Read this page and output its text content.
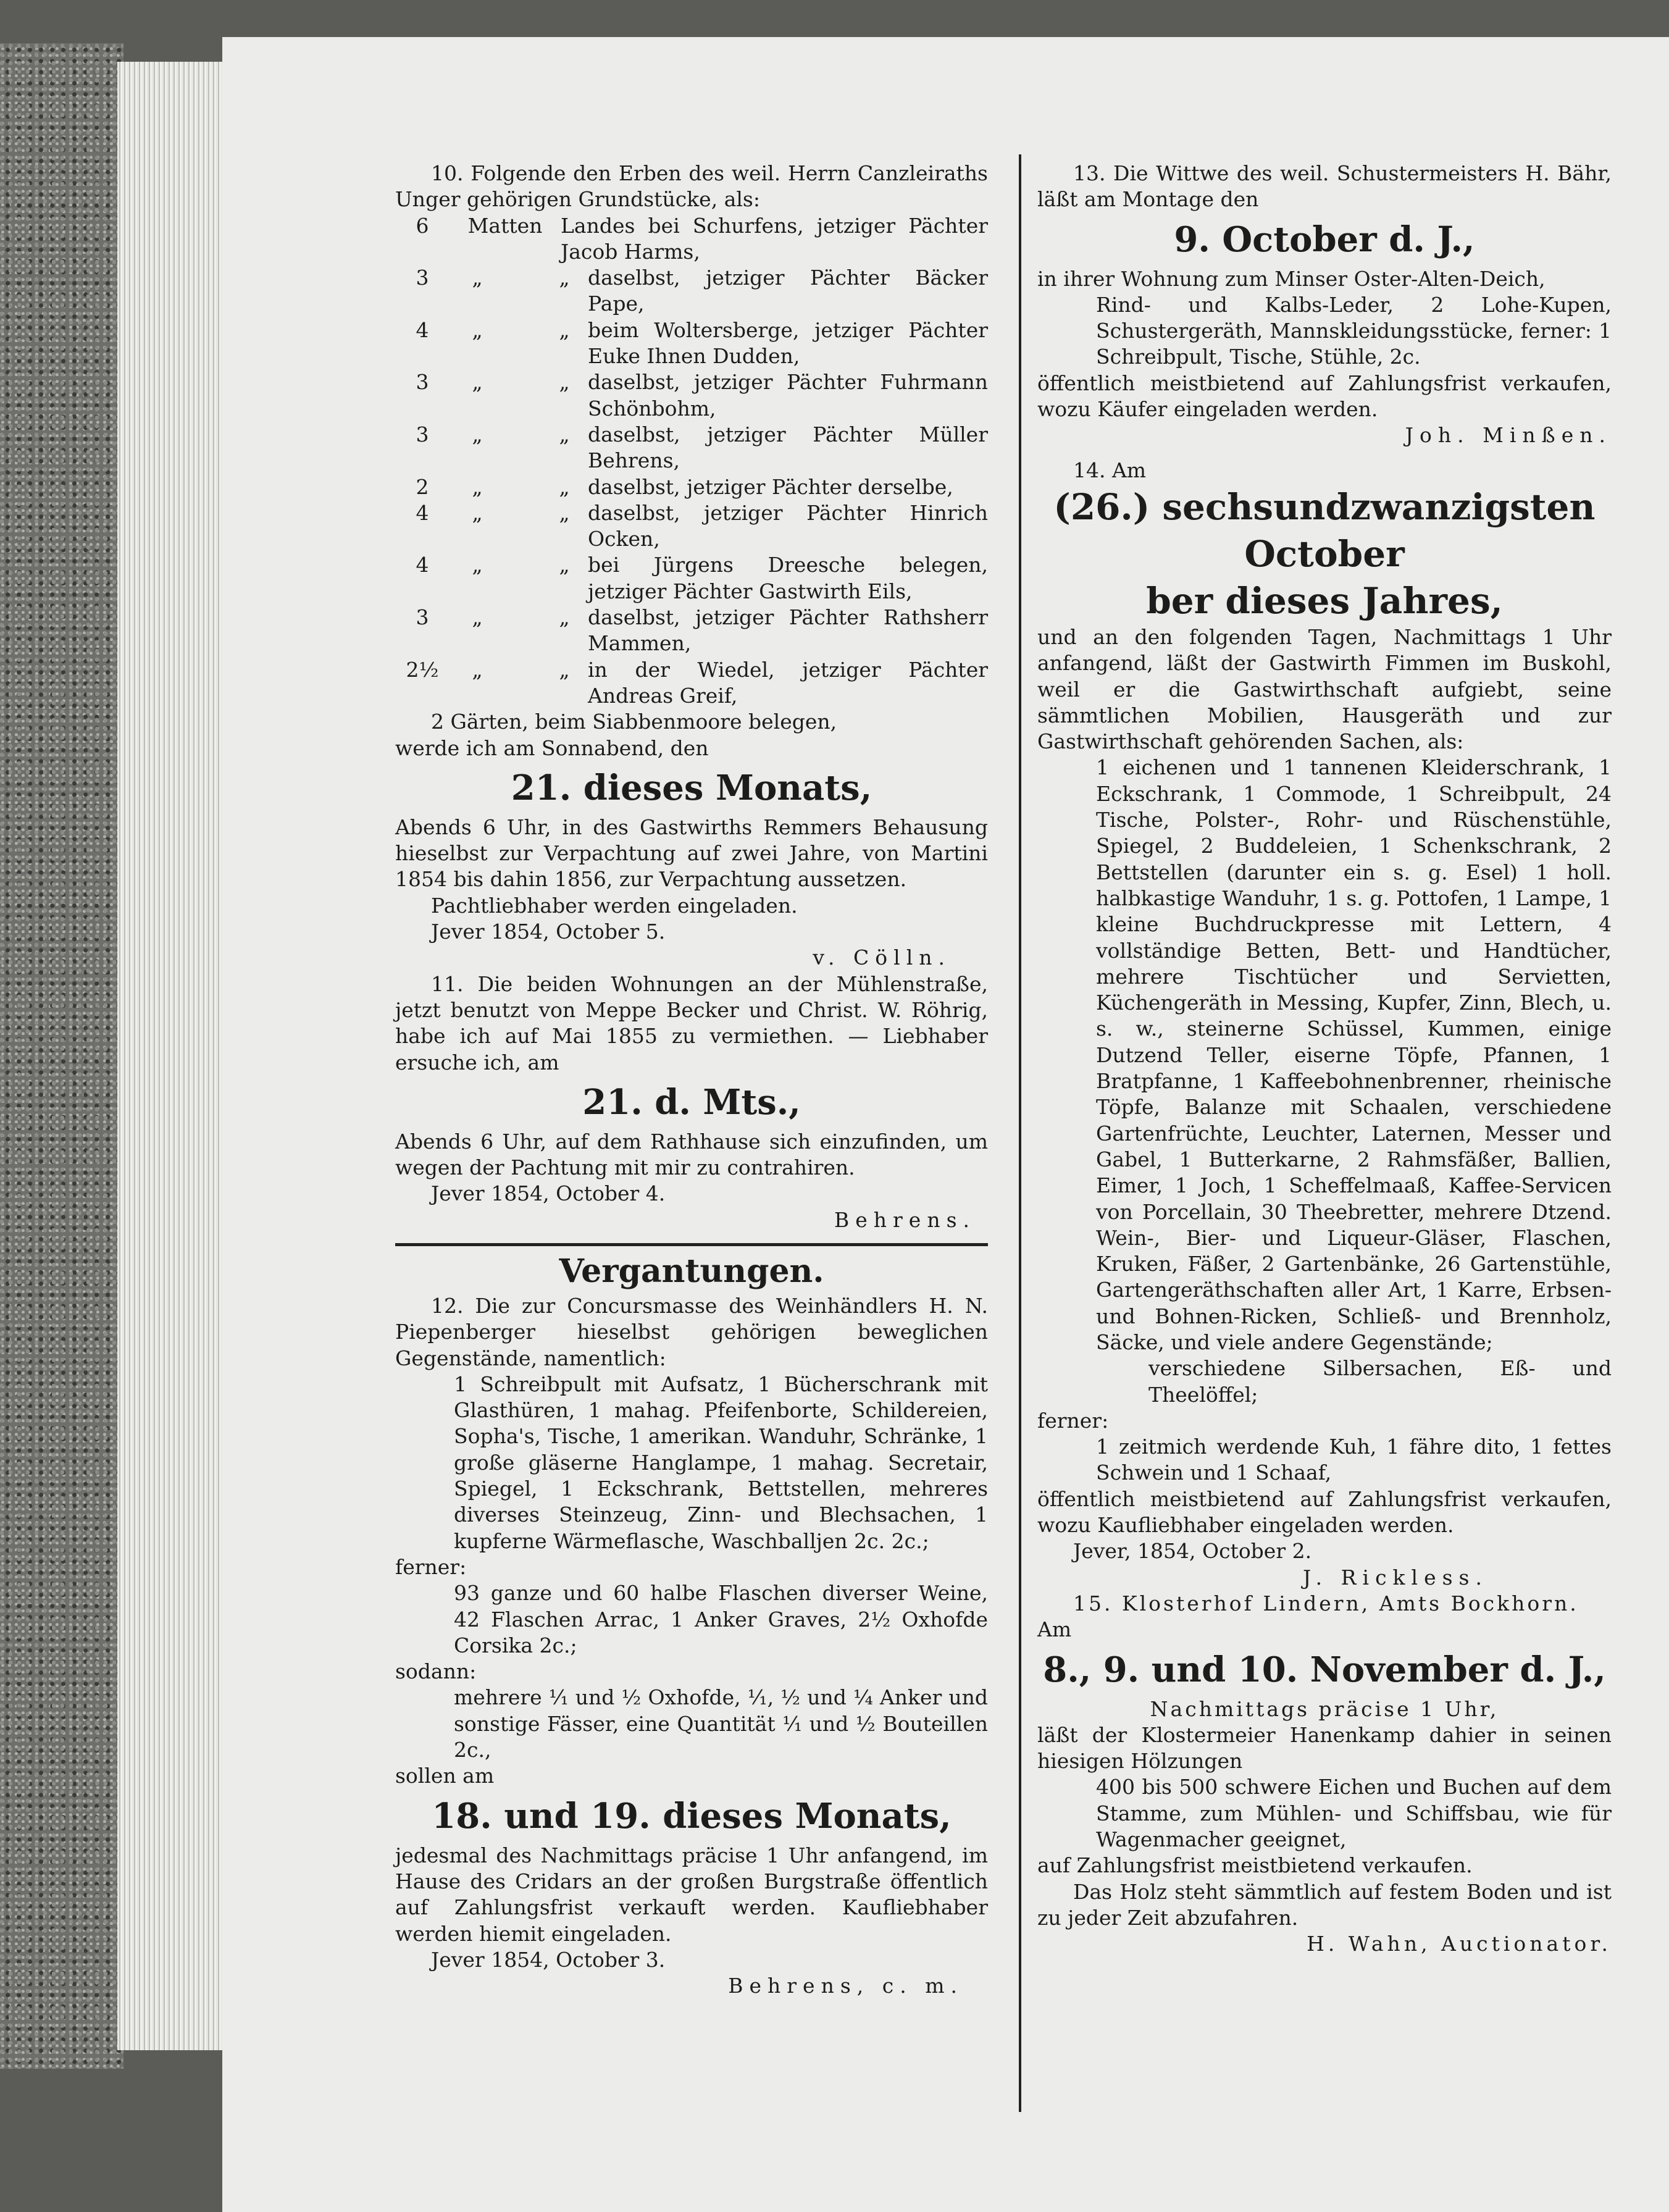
10. Folgende den Erben des weil. Herrn Canzleiraths Unger gehörigen Grundstücke, als:

6	Matten Landes bei Schurfens, jetziger Pächter Jacob Harms,
3	„	„ daselbst, jetziger Pächter Bäcker Pape,
4	„	„ beim Woltersberge, jetziger Pächter Euke Ihnen Dudden,
3	„	„ daselbst, jetziger Pächter Fuhrmann Schönbohm,
3	„	„ daselbst, jetziger Pächter Müller Behrens,
2	„	„ daselbst, jetziger Pächter derselbe,
4	„	„ daselbst, jetziger Pächter Hinrich Ocken,
4	„	„ bei Jürgens Dreesche belegen, jetziger Pächter Gastwirth Eils,
3	„	„ daselbst, jetziger Pächter Rathsherr Mammen,
2½	„	„ in der Wiedel, jetziger Pächter Andreas Greif,

2 Gärten, beim Siabbenmoore belegen,

werde ich am Sonnabend, den

21. dieses Monats,

Abends 6 Uhr, in des Gastwirths Remmers Behausung hieselbst zur Verpachtung auf zwei Jahre, von Martini 1854 bis dahin 1856, zur Verpachtung aussetzen.

Pachtliebhaber werden eingeladen.

Jever 1854, October 5.

v. Cölln.

11. Die beiden Wohnungen an der Mühlenstraße, jetzt benutzt von Meppe Becker und Christ. W. Röhrig, habe ich auf Mai 1855 zu vermiethen. — Liebhaber ersuche ich, am

21. d. Mts.,

Abends 6 Uhr, auf dem Rathhause sich einzufinden, um wegen der Pachtung mit mir zu contrahiren.

Jever 1854, October 4.

Behrens.

Vergantungen.

12. Die zur Concursmasse des Weinhändlers H. N. Piepenberger hieselbst gehörigen beweglichen Gegenstände, namentlich:

1 Schreibpult mit Aufsatz, 1 Bücherschrank mit Glasthüren, 1 mahag. Pfeifenborte, Schildereien, Sopha's, Tische, 1 amerikan. Wanduhr, Schränke, 1 große gläserne Hanglampe, 1 mahag. Secretair, Spiegel, 1 Eckschrank, Bettstellen, mehreres diverses Steinzeug, Zinn- und Blechsachen, 1 kupferne Wärmeflasche, Waschballjen 2c. 2c.;

ferner:

93 ganze und 60 halbe Flaschen diverser Weine, 42 Flaschen Arrac, 1 Anker Graves, 2½ Oxhofde Corsika 2c.;

sodann:

mehrere ⅟₁ und ½ Oxhofde, ⅟₁, ½ und ¼ Anker und sonstige Fässer, eine Quantität ⅟₁ und ½ Bouteillen 2c.,

sollen am

18. und 19. dieses Monats,

jedesmal des Nachmittags präcise 1 Uhr anfangend, im Hause des Cridars an der großen Burgstraße öffentlich auf Zahlungsfrist verkauft werden. Kaufliebhaber werden hiemit eingeladen.

Jever 1854, October 3.

Behrens, c. m.

13. Die Wittwe des weil. Schustermeisters H. Bähr, läßt am Montage den

9. October d. J.,

in ihrer Wohnung zum Minser Oster-Alten-Deich,

Rind- und Kalbs-Leder, 2 Lohe-Kupen, Schustergeräth, Mannskleidungsstücke, ferner: 1 Schreibpult, Tische, Stühle, 2c.

öffentlich meistbietend auf Zahlungsfrist verkaufen, wozu Käufer eingeladen werden.

Joh. Minßen.

14. Am

(26.) sechsundzwanzigsten October
ber dieses Jahres,

und an den folgenden Tagen, Nachmittags 1 Uhr anfangend, läßt der Gastwirth Fimmen im Buskohl, weil er die Gastwirthschaft aufgiebt, seine sämmtlichen Mobilien, Hausgeräth und zur Gastwirthschaft gehörenden Sachen, als:

1 eichenen und 1 tannenen Kleiderschrank, 1 Eckschrank, 1 Commode, 1 Schreibpult, 24 Tische, Polster-, Rohr- und Rüschenstühle, Spiegel, 2 Buddeleien, 1 Schenkschrank, 2 Bettstellen (darunter ein s. g. Esel) 1 holl. halbkastige Wanduhr, 1 s. g. Pottofen, 1 Lampe, 1 kleine Buchdruckpresse mit Lettern, 4 vollständige Betten, Bett- und Handtücher, mehrere Tischtücher und Servietten, Küchengeräth in Messing, Kupfer, Zinn, Blech, u. s. w., steinerne Schüssel, Kummen, einige Dutzend Teller, eiserne Töpfe, Pfannen, 1 Bratpfanne, 1 Kaffeebohnenbrenner, rheinische Töpfe, Balanze mit Schaalen, verschiedene Gartenfrüchte, Leuchter, Laternen, Messer und Gabel, 1 Butterkarne, 2 Rahmsfäßer, Ballien, Eimer, 1 Joch, 1 Scheffelmaaß, Kaffee-Servicen von Porcellain, 30 Theebretter, mehrere Dtzend. Wein-, Bier- und Liqueur-Gläser, Flaschen, Kruken, Fäßer, 2 Gartenbänke, 26 Gartenstühle, Gartengeräthschaften aller Art, 1 Karre, Erbsen- und Bohnen-Ricken, Schließ- und Brennholz, Säcke, und viele andere Gegenstände;

verschiedene Silbersachen, Eß- und Theelöffel;

ferner:

1 zeitmich werdende Kuh, 1 fähre dito, 1 fettes Schwein und 1 Schaaf,

öffentlich meistbietend auf Zahlungsfrist verkaufen, wozu Kaufliebhaber eingeladen werden.

Jever, 1854, October 2.

J. Rickless.

15. Klosterhof Lindern, Amts Bockhorn.

Am

8., 9. und 10. November d. J.,

Nachmittags präcise 1 Uhr,

läßt der Klostermeier Hanenkamp dahier in seinen hiesigen Hölzungen

400 bis 500 schwere Eichen und Buchen auf dem Stamme, zum Mühlen- und Schiffsbau, wie für Wagenmacher geeignet,

auf Zahlungsfrist meistbietend verkaufen.

Das Holz steht sämmtlich auf festem Boden und ist zu jeder Zeit abzufahren.

H. Wahn, Auctionator.
